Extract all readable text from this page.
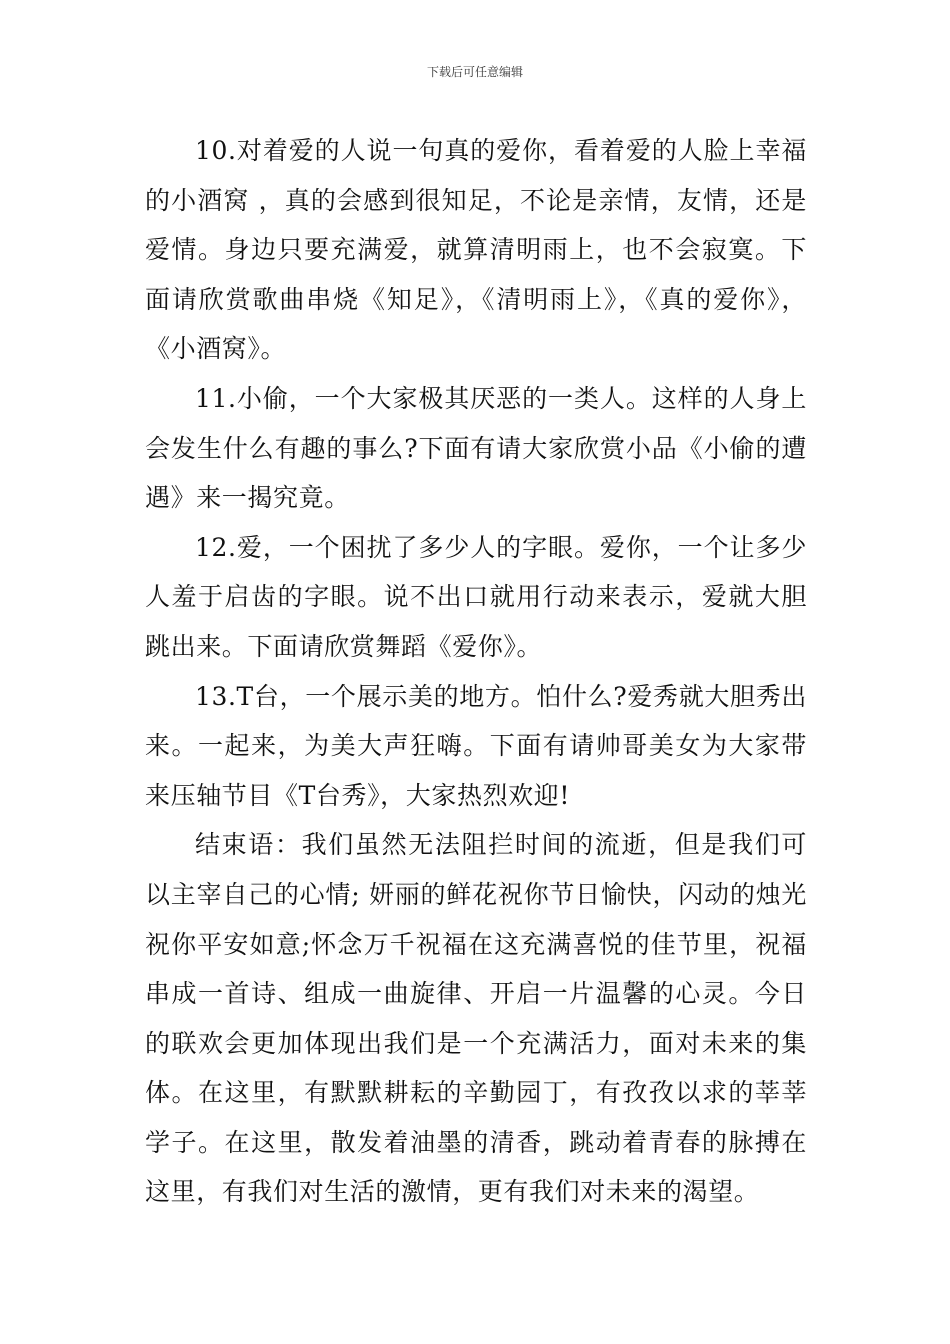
下载后可任意编辑

10.对着爱的人说一句真的爱你，看着爱的人脸上幸福的小酒窝 ，真的会感到很知足，不论是亲情，友情，还是爱情。身边只要充满爱，就算清明雨上，也不会寂寞。下面请欣赏歌曲串烧《知足》，《清明雨上》，《真的爱你》，《小酒窝》。

11.小偷，一个大家极其厌恶的一类人。这样的人身上会发生什么有趣的事么?下面有请大家欣赏小品《小偷的遭遇》来一揭究竟。

12.爱，一个困扰了多少人的字眼。爱你，一个让多少人羞于启齿的字眼。说不出口就用行动来表示，爱就大胆跳出来。下面请欣赏舞蹈《爱你》。

13.T台，一个展示美的地方。怕什么?爱秀就大胆秀出来。一起来，为美大声狂嗨。下面有请帅哥美女为大家带来压轴节目《T台秀》，大家热烈欢迎!

结束语：我们虽然无法阻拦时间的流逝，但是我们可以主宰自己的心情; 妍丽的鲜花祝你节日愉快，闪动的烛光祝你平安如意;怀念万千祝福在这充满喜悦的佳节里，祝福串成一首诗、组成一曲旋律、开启一片温馨的心灵。今日的联欢会更加体现出我们是一个充满活力，面对未来的集体。在这里，有默默耕耘的辛勤园丁，有孜孜以求的莘莘学子。在这里，散发着油墨的清香，跳动着青春的脉搏在这里，有我们对生活的激情，更有我们对未来的渴望。
